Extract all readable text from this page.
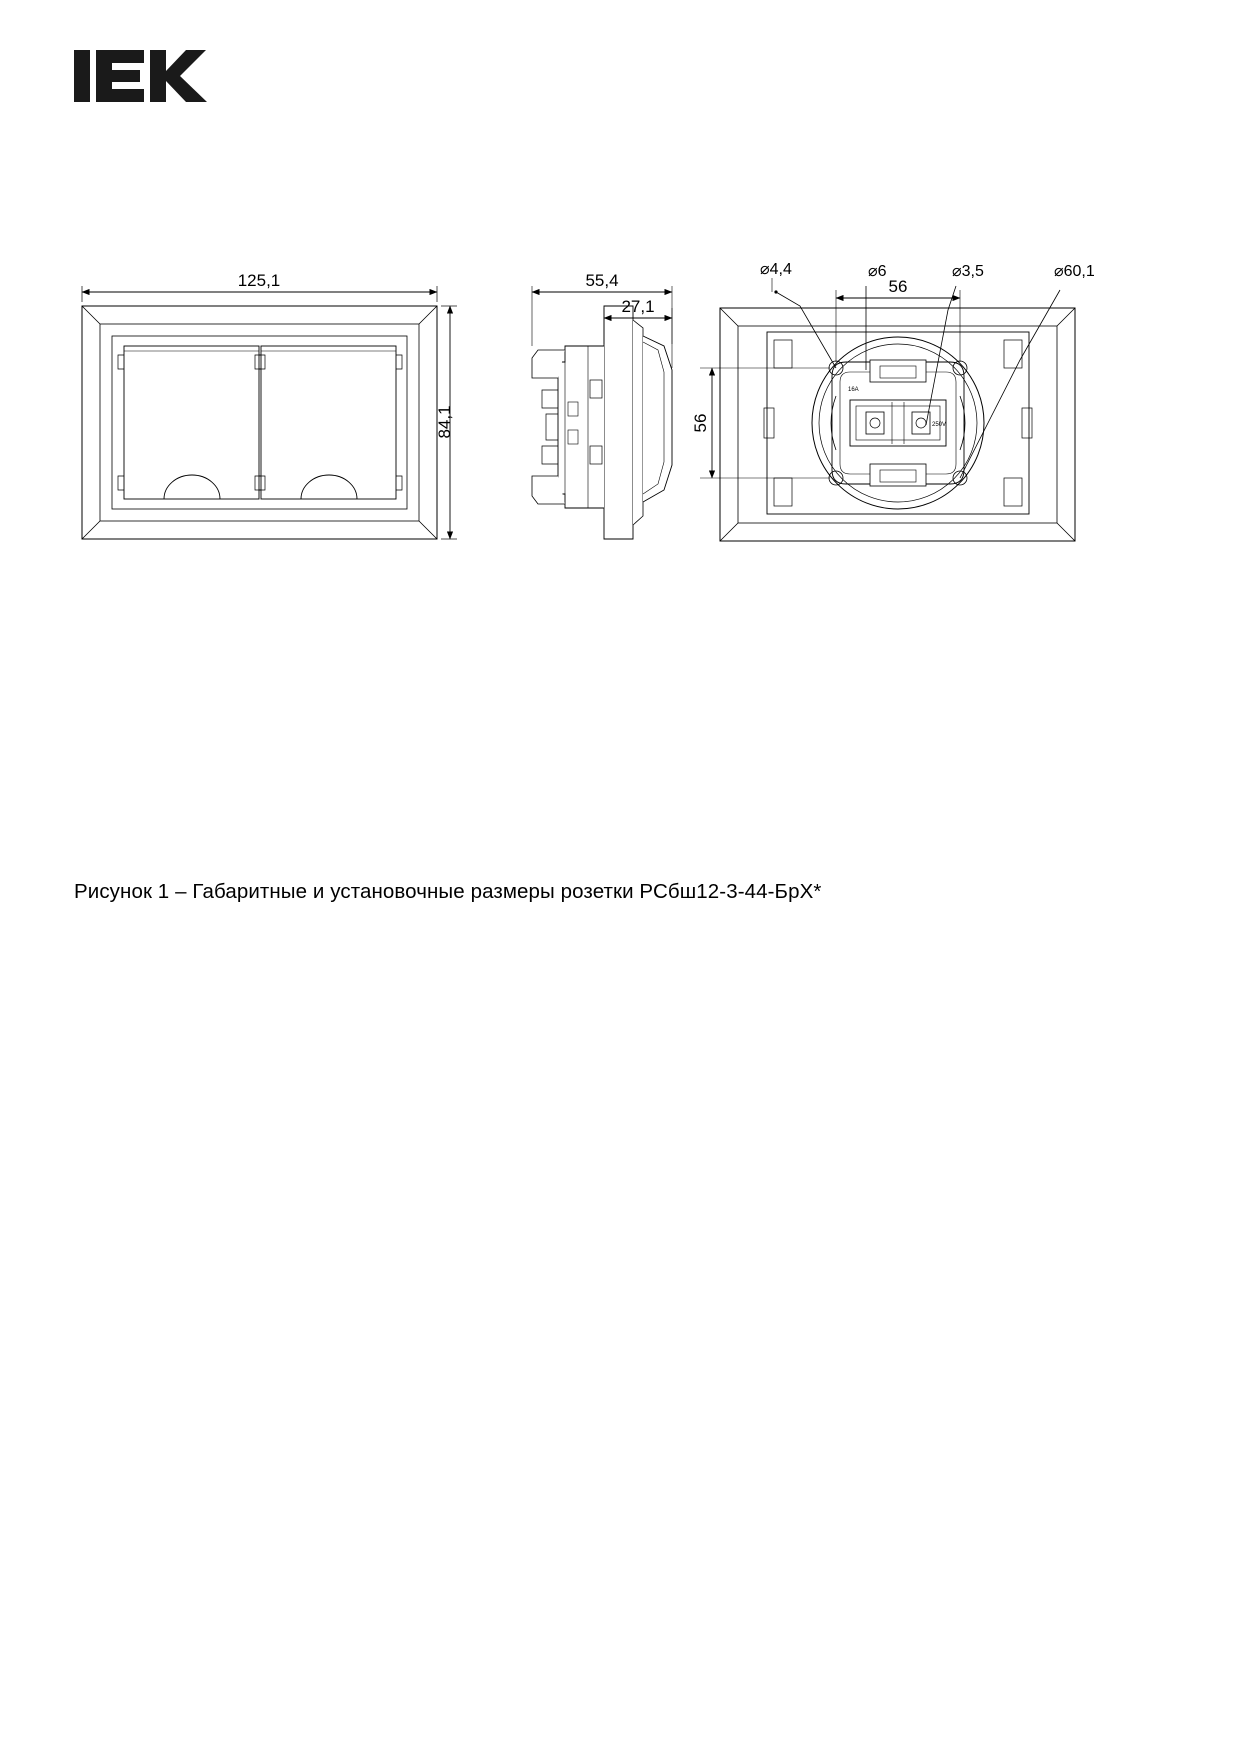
125,1
84,1
55,4
27,1
16A
250V
56
56
⌀4,4	⌀6	⌀3,5	⌀60,1
Рисунок 1 – Габаритные и установочные размеры розетки РСбш12-3-44-БрХ*
